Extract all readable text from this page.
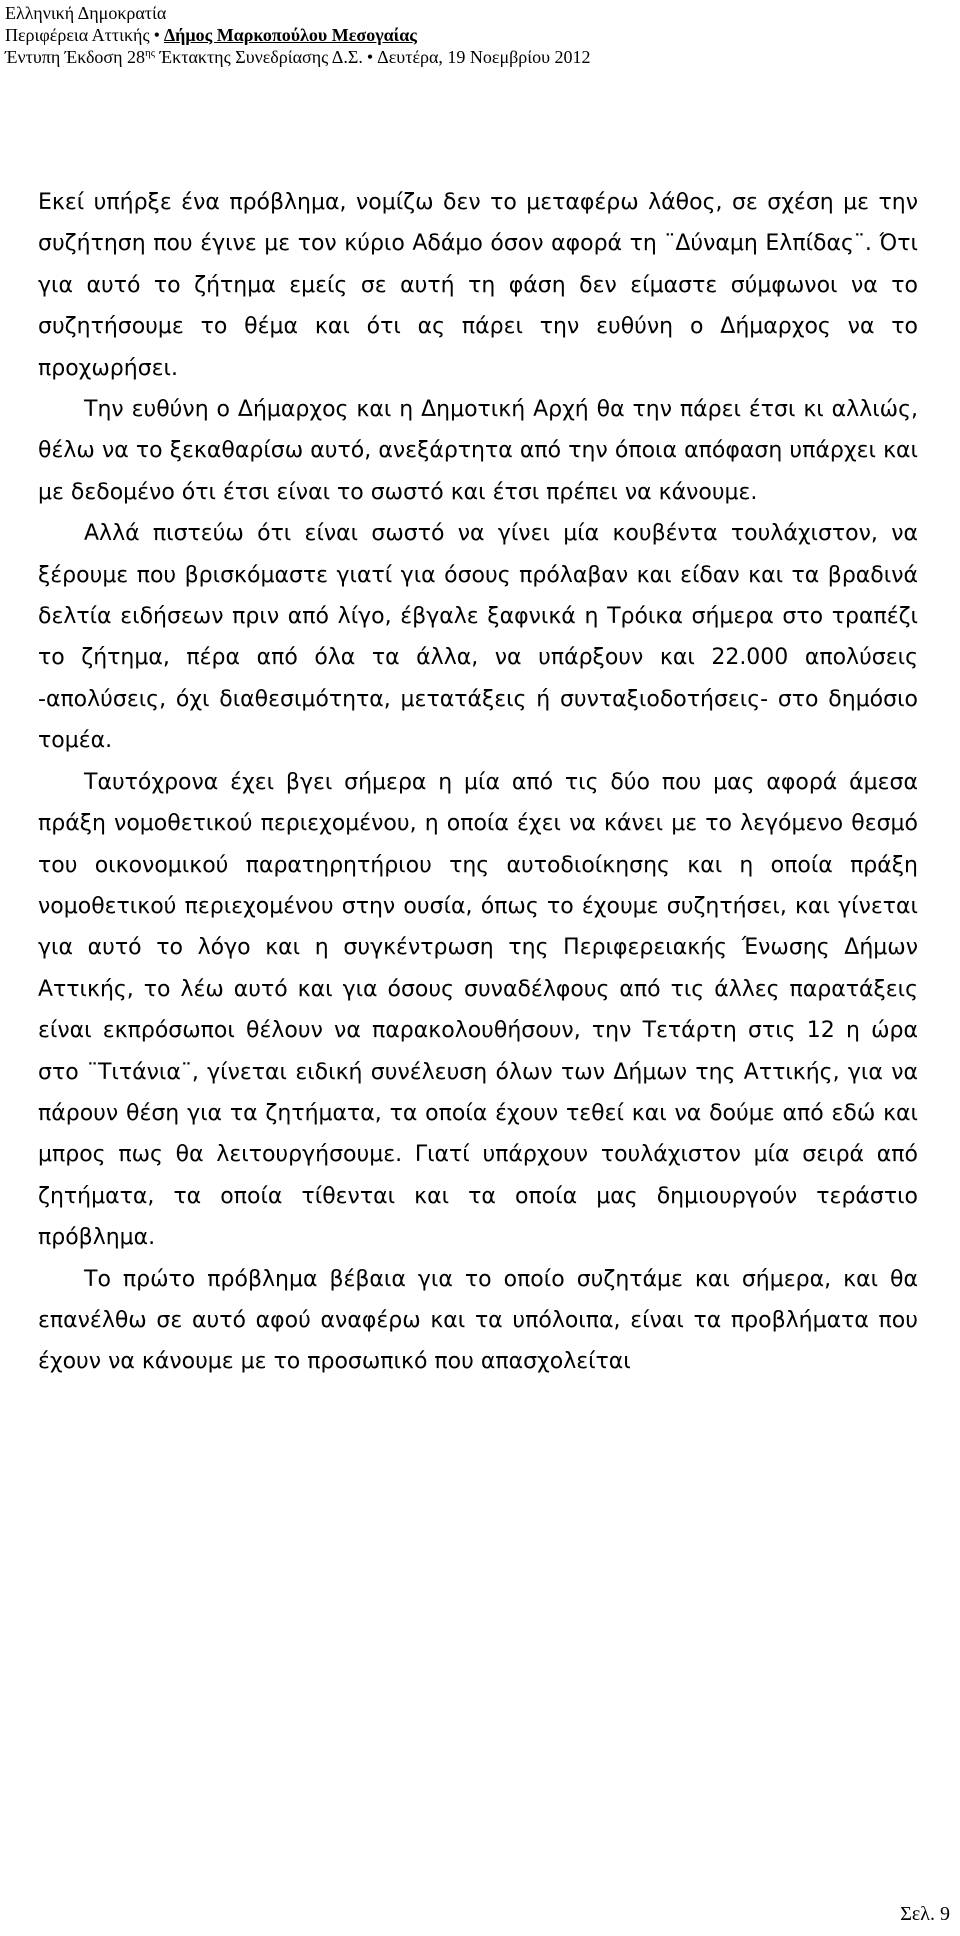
Ελληνική Δημοκρατία
Περιφέρεια Αττικής • Δήμος Μαρκοπούλου Μεσογαίας
Έντυπη Έκδοση $28^{\eta\varsigma}$ Έκτακτης Συνεδρίασης Δ.Σ. • Δευτέρα, 19 Νοεμβρίου 2012

Εκεί υπήρξε ένα πρόβλημα, νομίζω δεν το μεταφέρω λάθος, σε σχέση με την συζήτηση που έγινε με τον κύριο Αδάμο όσον αφορά τη ¨Δύναμη Ελπίδας¨. Ότι για αυτό το ζήτημα εμείς σε αυτή τη φάση δεν είμαστε σύμφωνοι να το συζητήσουμε το θέμα και ότι ας πάρει την ευθύνη ο Δήμαρχος να το προχωρήσει.

Την ευθύνη ο Δήμαρχος και η Δημοτική Αρχή θα την πάρει έτσι κι αλλιώς, θέλω να το ξεκαθαρίσω αυτό, ανεξάρτητα από την όποια απόφαση υπάρχει και με δεδομένο ότι έτσι είναι το σωστό και έτσι πρέπει να κάνουμε.

Αλλά πιστεύω ότι είναι σωστό να γίνει μία κουβέντα τουλάχιστον, να ξέρουμε που βρισκόμαστε γιατί για όσους πρόλαβαν και είδαν και τα βραδινά δελτία ειδήσεων πριν από λίγο, έβγαλε ξαφνικά η Τρόικα σήμερα στο τραπέζι το ζήτημα, πέρα από όλα τα άλλα, να υπάρξουν και 22.000 απολύσεις -απολύσεις, όχι διαθεσιμότητα, μετατάξεις ή συνταξιοδοτήσεις- στο δημόσιο τομέα.

Ταυτόχρονα έχει βγει σήμερα η μία από τις δύο που μας αφορά άμεσα πράξη νομοθετικού περιεχομένου, η οποία έχει να κάνει με το λεγόμενο θεσμό του οικονομικού παρατηρητήριου της αυτοδιοίκησης και η οποία πράξη νομοθετικού περιεχομένου στην ουσία, όπως το έχουμε συζητήσει, και γίνεται για αυτό το λόγο και η συγκέντρωση της Περιφερειακής Ένωσης Δήμων Αττικής, το λέω αυτό και για όσους συναδέλφους από τις άλλες παρατάξεις είναι εκπρόσωποι θέλουν να παρακολουθήσουν, την Τετάρτη στις 12 η ώρα στο ¨Τιτάνια¨, γίνεται ειδική συνέλευση όλων των Δήμων της Αττικής, για να πάρουν θέση για τα ζητήματα, τα οποία έχουν τεθεί και να δούμε από εδώ και μπρος πως θα λειτουργήσουμε. Γιατί υπάρχουν τουλάχιστον μία σειρά από ζητήματα, τα οποία τίθενται και τα οποία μας δημιουργούν τεράστιο πρόβλημα.

Το πρώτο πρόβλημα βέβαια για το οποίο συζητάμε και σήμερα, και θα επανέλθω σε αυτό αφού αναφέρω και τα υπόλοιπα, είναι τα προβλήματα που έχουν να κάνουμε με το προσωπικό που απασχολείται

Σελ. 9
